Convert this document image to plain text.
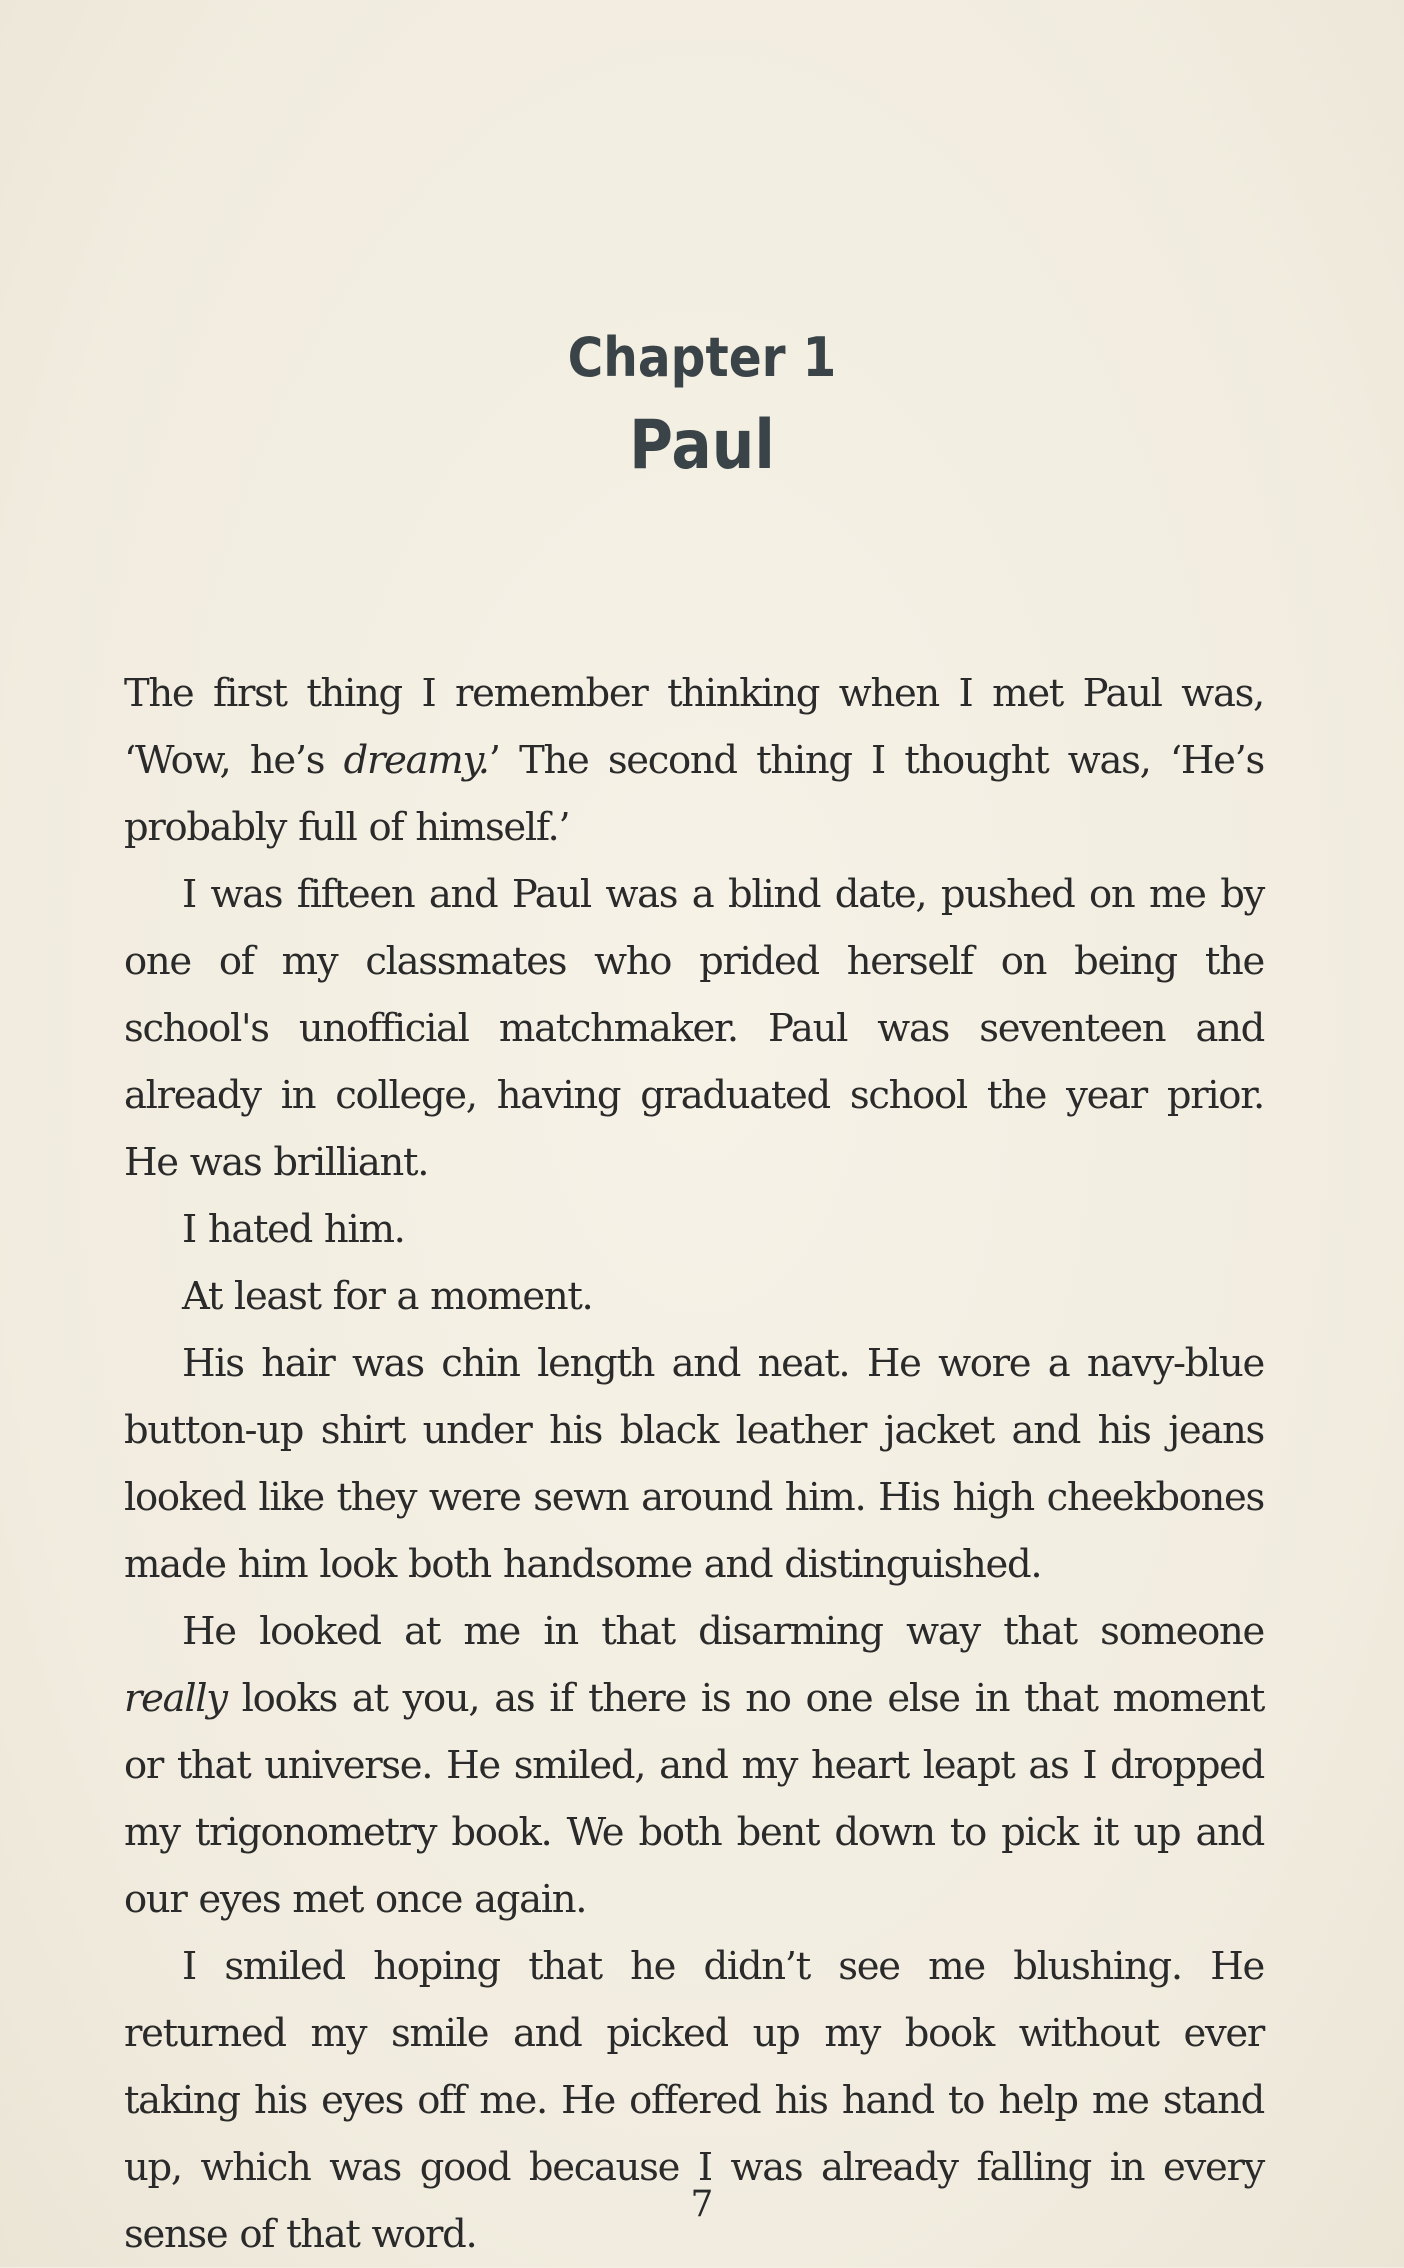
Chapter 1
Paul

The first thing I remember thinking when I met Paul was, ‘Wow, he’s dreamy.’ The second thing I thought was, ‘He’s probably full of himself.’

I was fifteen and Paul was a blind date, pushed on me by one of my classmates who prided herself on being the school's unofficial matchmaker. Paul was seventeen and already in college, having graduated school the year prior. He was brilliant.

I hated him.

At least for a moment.

His hair was chin length and neat. He wore a navy-blue button-up shirt under his black leather jacket and his jeans looked like they were sewn around him. His high cheekbones made him look both handsome and distinguished.

He looked at me in that disarming way that someone really looks at you, as if there is no one else in that moment or that universe. He smiled, and my heart leapt as I dropped my trigonometry book. We both bent down to pick it up and our eyes met once again.

I smiled hoping that he didn’t see me blushing. He returned my smile and picked up my book without ever taking his eyes off me. He offered his hand to help me stand up, which was good because I was already falling in every sense of that word.

7
